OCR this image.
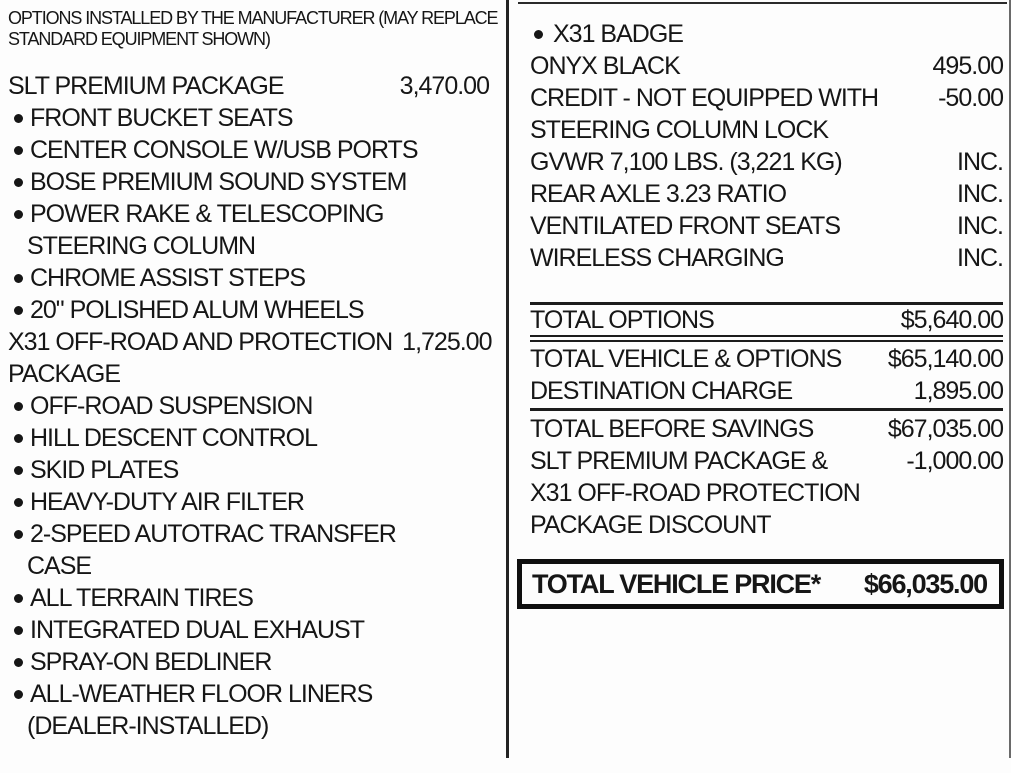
OPTIONS INSTALLED BY THE MANUFACTURER (MAY REPLACE
STANDARD EQUIPMENT SHOWN)
SLT PREMIUM PACKAGE	3,470.00
FRONT BUCKET SEATS
CENTER CONSOLE W/USB PORTS
BOSE PREMIUM SOUND SYSTEM
POWER RAKE & TELESCOPING
STEERING COLUMN
CHROME ASSIST STEPS
20" POLISHED ALUM WHEELS
X31 OFF-ROAD AND PROTECTION 1,725.00
PACKAGE
OFF-ROAD SUSPENSION
HILL DESCENT CONTROL
SKID PLATES
HEAVY-DUTY AIR FILTER
2-SPEED AUTOTRAC TRANSFER
CASE
ALL TERRAIN TIRES
INTEGRATED DUAL EXHAUST
SPRAY-ON BEDLINER
ALL-WEATHER FLOOR LINERS
(DEALER-INSTALLED)
X31 BADGE
ONYX BLACK	495.00
CREDIT - NOT EQUIPPED WITH	-50.00
STEERING COLUMN LOCK
GVWR 7,100 LBS. (3,221 KG)	INC.
REAR AXLE 3.23 RATIO	INC.
VENTILATED FRONT SEATS	INC.
WIRELESS CHARGING	INC.
TOTAL OPTIONS	$5,640.00
TOTAL VEHICLE & OPTIONS	$65,140.00
DESTINATION CHARGE	1,895.00
TOTAL BEFORE SAVINGS	$67,035.00
SLT PREMIUM PACKAGE &	-1,000.00
X31 OFF-ROAD PROTECTION
PACKAGE DISCOUNT
TOTAL VEHICLE PRICE*	$66,035.00
